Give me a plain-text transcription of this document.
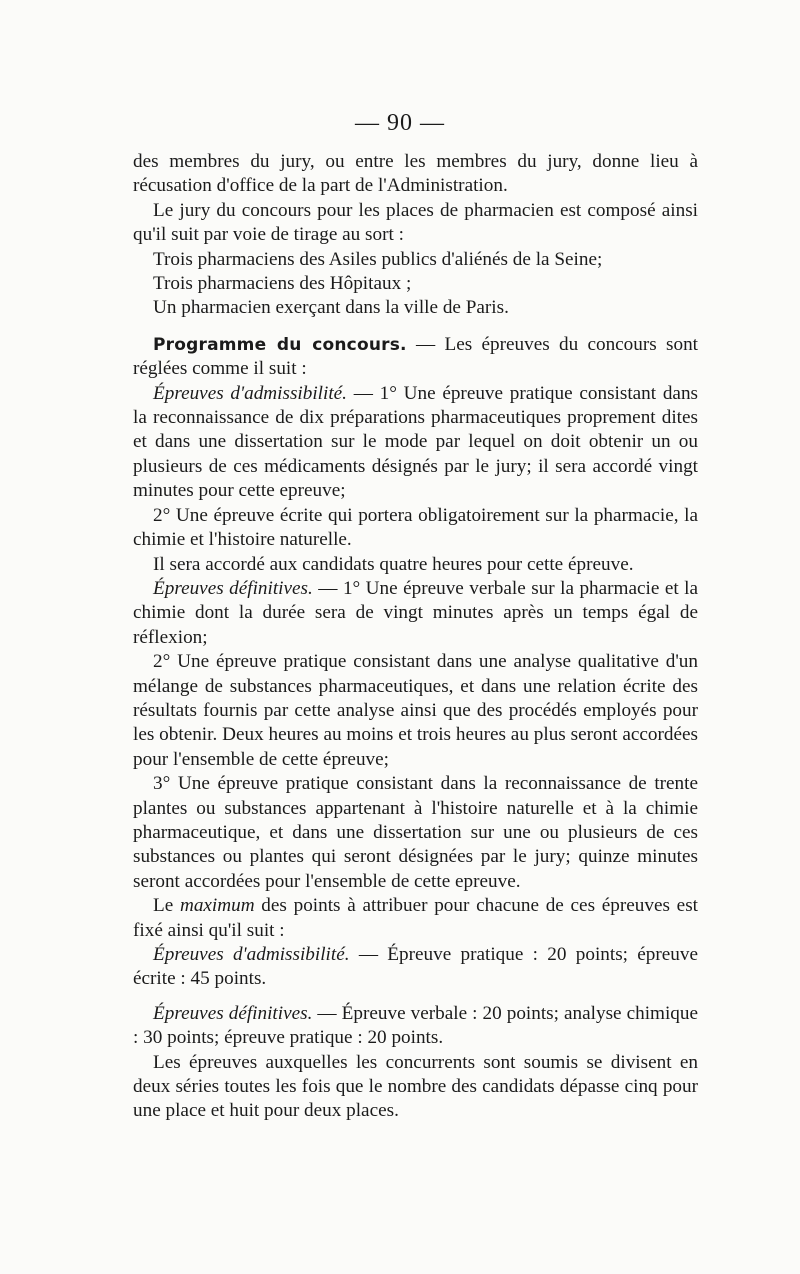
— 90 —

des membres du jury, ou entre les membres du jury, donne lieu à récusation d'office de la part de l'Administration.

Le jury du concours pour les places de pharmacien est composé ainsi qu'il suit par voie de tirage au sort :

Trois pharmaciens des Asiles publics d'aliénés de la Seine;

Trois pharmaciens des Hôpitaux ;

Un pharmacien exerçant dans la ville de Paris.

Programme du concours. — Les épreuves du concours sont réglées comme il suit :

Épreuves d'admissibilité. — 1° Une épreuve pratique consistant dans la reconnaissance de dix préparations pharmaceutiques proprement dites et dans une dissertation sur le mode par lequel on doit obtenir un ou plusieurs de ces médicaments désignés par le jury; il sera accordé vingt minutes pour cette epreuve;

2° Une épreuve écrite qui portera obligatoirement sur la pharmacie, la chimie et l'histoire naturelle.

Il sera accordé aux candidats quatre heures pour cette épreuve.

Épreuves définitives. — 1° Une épreuve verbale sur la pharmacie et la chimie dont la durée sera de vingt minutes après un temps égal de réflexion;

2° Une épreuve pratique consistant dans une analyse qualitative d'un mélange de substances pharmaceutiques, et dans une relation écrite des résultats fournis par cette analyse ainsi que des procédés employés pour les obtenir. Deux heures au moins et trois heures au plus seront accordées pour l'ensemble de cette épreuve;

3° Une épreuve pratique consistant dans la reconnaissance de trente plantes ou substances appartenant à l'histoire naturelle et à la chimie pharmaceutique, et dans une dissertation sur une ou plusieurs de ces substances ou plantes qui seront désignées par le jury; quinze minutes seront accordées pour l'ensemble de cette epreuve.

Le maximum des points à attribuer pour chacune de ces épreuves est fixé ainsi qu'il suit :

Épreuves d'admissibilité. — Épreuve pratique : 20 points; épreuve écrite : 45 points.

Épreuves définitives. — Épreuve verbale : 20 points; analyse chimique : 30 points; épreuve pratique : 20 points.

Les épreuves auxquelles les concurrents sont soumis se divisent en deux séries toutes les fois que le nombre des candidats dépasse cinq pour une place et huit pour deux places.
